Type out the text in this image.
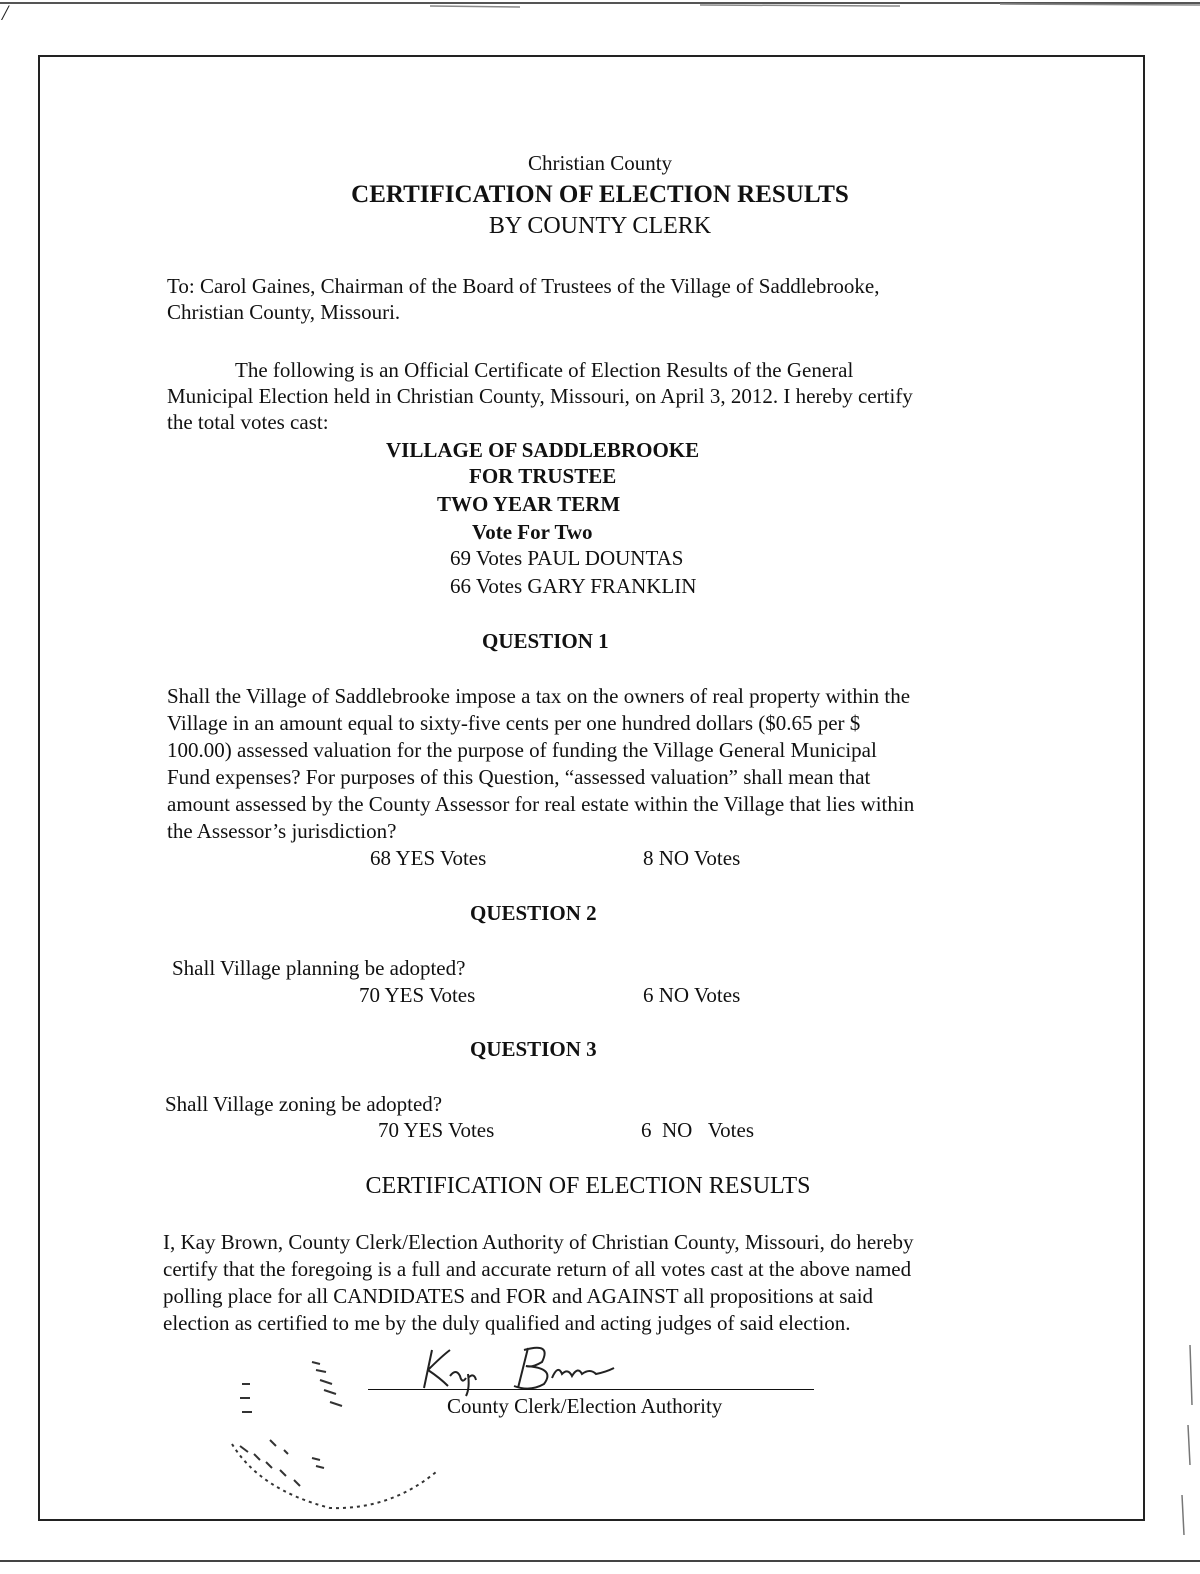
/
Christian County
CERTIFICATION OF ELECTION RESULTS
BY COUNTY CLERK
To: Carol Gaines, Chairman of the Board of Trustees of the Village of Saddlebrooke,
Christian County, Missouri.
The following is an Official Certificate of Election Results of the General
Municipal Election held in Christian County, Missouri, on April 3, 2012. I hereby certify
the total votes cast:
VILLAGE OF SADDLEBROOKE
FOR TRUSTEE
TWO YEAR TERM
Vote For Two
69 Votes PAUL DOUNTAS
66 Votes GARY FRANKLIN
QUESTION 1
Shall the Village of Saddlebrooke impose a tax on the owners of real property within the
Village in an amount equal to sixty-five cents per one hundred dollars ($0.65 per $
100.00) assessed valuation for the purpose of funding the Village General Municipal
Fund expenses? For purposes of this Question, “assessed valuation” shall mean that
amount assessed by the County Assessor for real estate within the Village that lies within
the Assessor’s jurisdiction?
68 YES Votes	8 NO Votes
QUESTION 2
Shall Village planning be adopted?
70 YES Votes	6 NO Votes
QUESTION 3
Shall Village zoning be adopted?
70 YES Votes	6  NO   Votes
CERTIFICATION OF ELECTION RESULTS
I, Kay Brown, County Clerk/Election Authority of Christian County, Missouri, do hereby
certify that the foregoing is a full and accurate return of all votes cast at the above named
polling place for all CANDIDATES and FOR and AGAINST all propositions at said
election as certified to me by the duly qualified and acting judges of said election.
County Clerk/Election Authority
